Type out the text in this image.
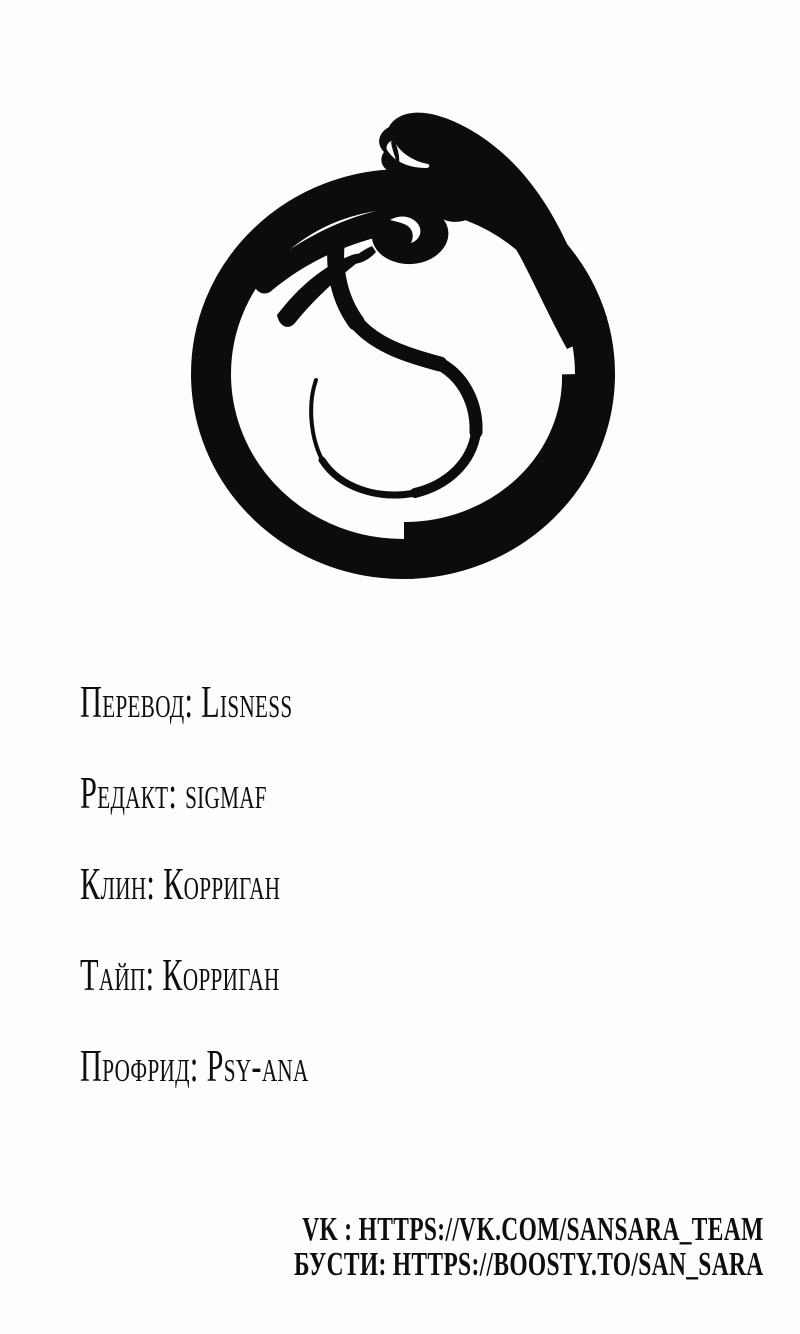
Перевод: Lisness
Редакт: sigmaf
Клин: Корриган
Тайп: Корриган
Профрид: Psy-ana
VK : HTTPS://VK.COM/SANSARA_TEAM
БУСТИ: HTTPS://BOOSTY.TO/SAN_SARA
